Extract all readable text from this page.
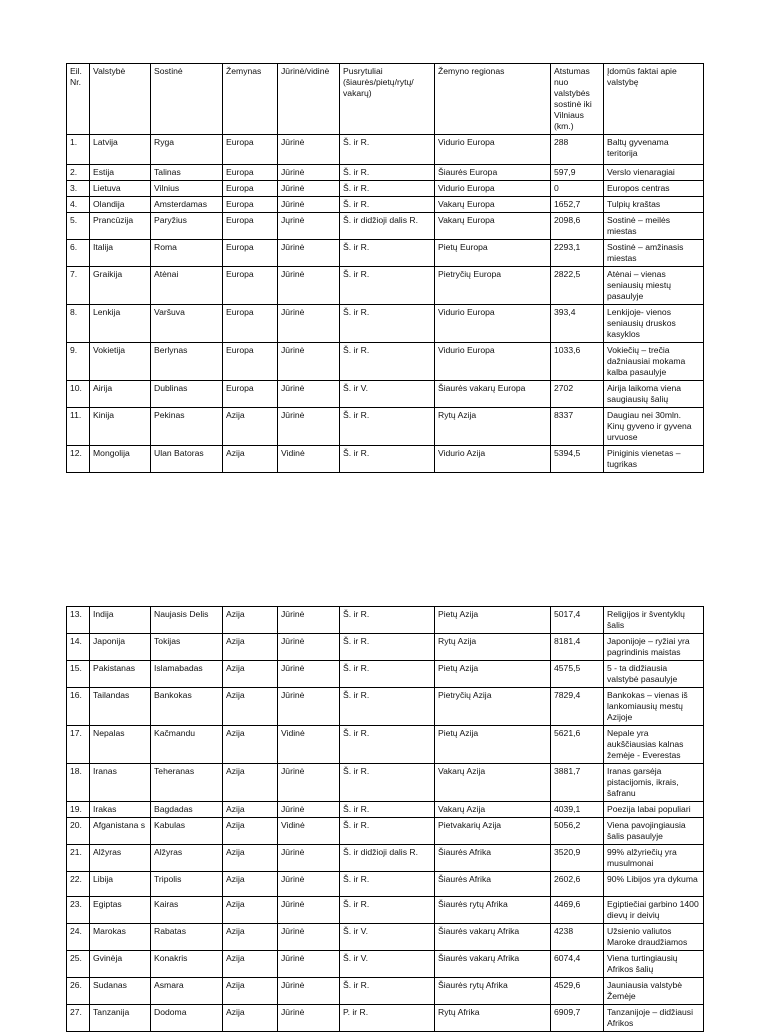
Eil. Nr.	Valstybė	Sostinė	Žemynas	Jūrinė/vidinė	Pusrytuliai (šiaurės/pietų/rytų/ vakarų)	Žemyno regionas	Atstumas nuo valstybės sostinė iki Vilniaus (km.)	Įdomūs faktai apie valstybę
1.	Latvija	Ryga	Europa	Jūrinė	Š. ir R.	Vidurio Europa	288	Baltų gyvenama teritorija
2.	Estija	Talinas	Europa	Jūrinė	Š. ir R.	Šiaurės Europa	597,9	Verslo vienaragiai
3.	Lietuva	Vilnius	Europa	Jūrinė	Š. ir R.	Vidurio Europa	0	Europos centras
4.	Olandija	Amsterdamas	Europa	Jūrinė	Š. ir R.	Vakarų Europa	1652,7	Tulpių kraštas
5.	Prancūzija	Paryžius	Europa	Jųrinė	Š. ir didžioji dalis R.	Vakarų Europa	2098,6	Sostinė – meilės miestas
6.	Italija	Roma	Europa	Jūrinė	Š. ir R.	Pietų Europa	2293,1	Sostinė – amžinasis miestas
7.	Graikija	Atėnai	Europa	Jūrinė	Š. ir R.	Pietryčių Europa	2822,5	Atėnai – vienas seniausių miestų pasaulyje
8.	Lenkija	Varšuva	Europa	Jūrinė	Š. ir R.	Vidurio Europa	393,4	Lenkijoje- vienos seniausių druskos kasyklos
9.	Vokietija	Berlynas	Europa	Jūrinė	Š. ir R.	Vidurio Europa	1033,6	Vokiečių – trečia dažniausiai mokama kalba pasaulyje
10.	Airija	Dublinas	Europa	Jūrinė	Š. ir V.	Šiaurės vakarų Europa	2702	Airija laikoma viena saugiausių šalių
11.	Kinija	Pekinas	Azija	Jūrinė	Š. ir R.	Rytų Azija	8337	Daugiau nei 30mln. Kinų gyveno ir gyvena urvuose
12.	Mongolija	Ulan Batoras	Azija	Vidinė	Š. ir R.	Vidurio Azija	5394,5	Piniginis vienetas – tugrikas
13.	Indija	Naujasis Delis	Azija	Jūrinė	Š. ir R.	Pietų Azija	5017,4	Religijos ir šventyklų šalis
14.	Japonija	Tokijas	Azija	Jūrinė	Š. ir R.	Rytų Azija	8181,4	Japonijoje – ryžiai yra pagrindinis maistas
15.	Pakistanas	Islamabadas	Azija	Jūrinė	Š. ir R.	Pietų Azija	4575,5	5 - ta didžiausia valstybė pasaulyje
16.	Tailandas	Bankokas	Azija	Jūrinė	Š. ir R.	Pietryčių Azija	7829,4	Bankokas – vienas iš lankomiausių mestų Azijoje
17.	Nepalas	Kačmandu	Azija	Vidinė	Š. ir R.	Pietų Azija	5621,6	Nepale yra aukščiausias kalnas žemėje - Everestas
18.	Iranas	Teheranas	Azija	Jūrinė	Š. ir R.	Vakarų Azija	3881,7	Iranas garsėja pistacijomis, ikrais, šafranu
19.	Irakas	Bagdadas	Azija	Jūrinė	Š. ir R.	Vakarų Azija	4039,1	Poezija labai populiari
20.	Afganistana s	Kabulas	Azija	Vidinė	Š. ir R.	Pietvakarių Azija	5056,2	Viena pavojingiausia šalis pasaulyje
21.	Alžyras	Alžyras	Azija	Jūrinė	Š. ir didžioji dalis R.	Šiaurės Afrika	3520,9	99% alžyriečių yra musulmonai
22.	Libija	Tripolis	Azija	Jūrinė	Š. ir R.	Šiaurės Afrika	2602,6	90% Libijos yra dykuma
23.	Egiptas	Kairas	Azija	Jūrinė	Š. ir R.	Šiaurės rytų Afrika	4469,6	Egiptiečiai garbino 1400 dievų ir deivių
24.	Marokas	Rabatas	Azija	Jūrinė	Š. ir V.	Šiaurės vakarų Afrika	4238	Užsienio valiutos Maroke draudžiamos
25.	Gvinėja	Konakris	Azija	Jūrinė	Š. ir V.	Šiaurės vakarų Afrika	6074,4	Viena turtingiausių Afrikos šalių
26.	Sudanas	Asmara	Azija	Jūrinė	Š. ir R.	Šiaurės rytų Afrika	4529,6	Jauniausia valstybė Žemėje
27.	Tanzanija	Dodoma	Azija	Jūrinė	P. ir R.	Rytų Afrika	6909,7	Tanzanijoje – didžiausi Afrikos
